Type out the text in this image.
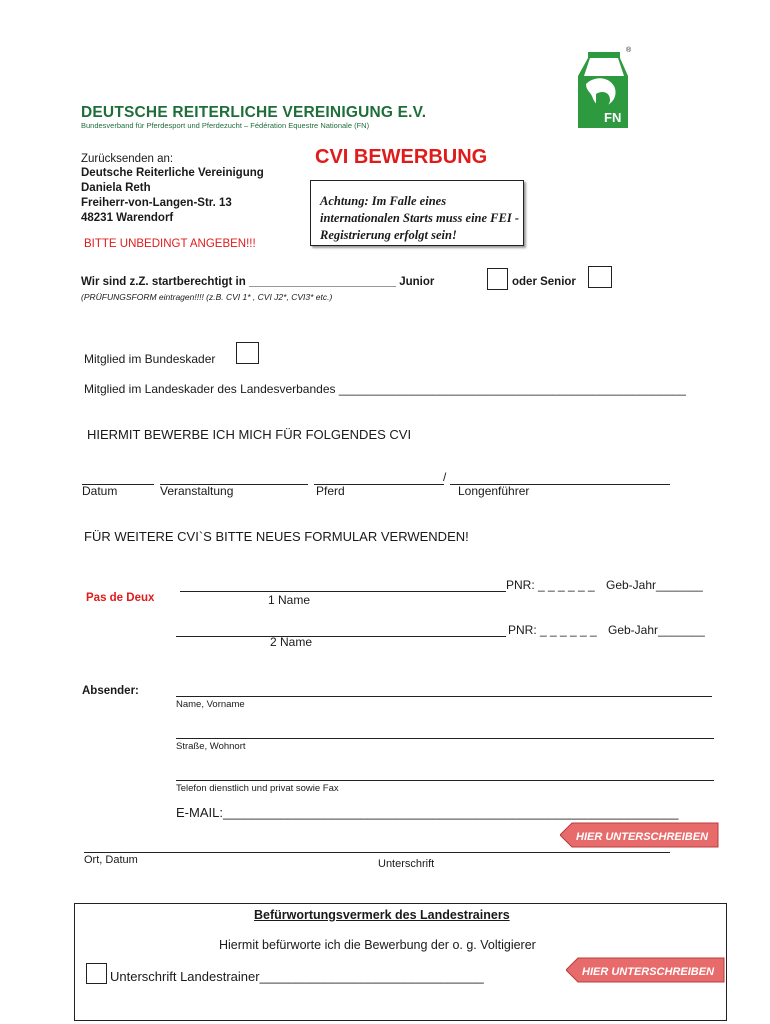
DEUTSCHE REITERLICHE VEREINIGUNG E.V.
Bundesverband für Pferdesport und Pferdezucht – Fédération Equestre Nationale (FN)
FN
®
Zurücksenden an:
Deutsche Reiterliche Vereinigung
Daniela Reth
Freiherr-von-Langen-Str. 13
48231 Warendorf
CVI BEWERBUNG
Achtung: Im Falle eines internationalen Starts muss eine FEI -Registrierung erfolgt sein!
BITTE UNBEDINGT ANGEBEN!!!
Wir sind z.Z. startberechtigt in _______________________ Junior	oder Senior
(PRÜFUNGSFORM eintragen!!!! (z.B. CVI 1* , CVI J2*, CVI3* etc.)
Mitglied im Bundeskader
Mitglied im Landeskader des Landesverbandes ____________________________________________________
HIERMIT BEWERBE ICH MICH FÜR FOLGENDES CVI
/
Datum	Veranstaltung	Pferd	Longenführer
FÜR WEITERE CVI`S BITTE NEUES FORMULAR VERWENDEN!
Pas de Deux
PNR: _ _ _ _ _ _ Geb-Jahr_______
1 Name
PNR: _ _ _ _ _ _ Geb-Jahr_______
2 Name
Absender:
Name, Vorname
Straße, Wohnort
Telefon dienstlich und privat sowie Fax
E-MAIL:_______________________________________________________________
HIER UNTERSCHREIBEN
Ort, Datum	Unterschrift
Befürwortungsvermerk des Landestrainers
Hiermit befürworte ich die Bewerbung der o. g. Voltigierer
Unterschrift Landestrainer_______________________________	HIER UNTERSCHREIBEN
